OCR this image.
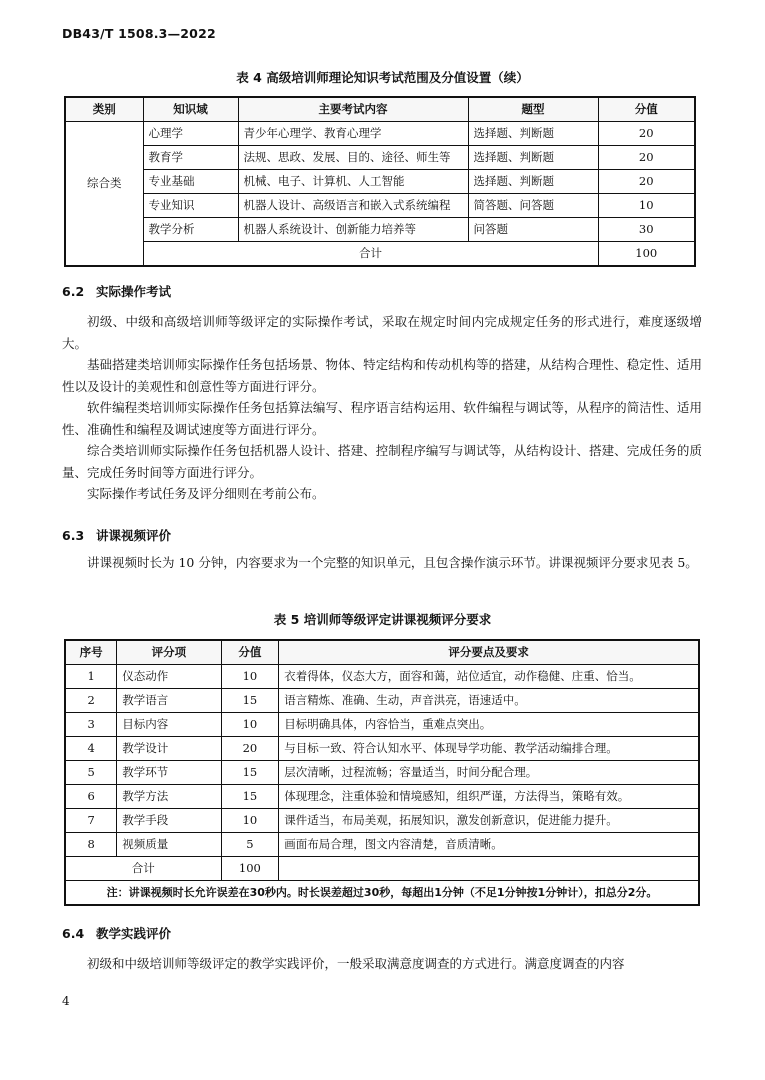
DB43/T 1508.3—2022
表 4 高级培训师理论知识考试范围及分值设置（续）
类别	知识域	主要考试内容	题型	分值
综合类	心理学	青少年心理学、教育心理学	选择题、判断题	20
	教育学	法规、思政、发展、目的、途径、师生等	选择题、判断题	20
	专业基础	机械、电子、计算机、人工智能	选择题、判断题	20
	专业知识	机器人设计、高级语言和嵌入式系统编程	简答题、问答题	10
	教学分析	机器人系统设计、创新能力培养等	问答题	30
	合计			100
6.2 实际操作考试

初级、中级和高级培训师等级评定的实际操作考试，采取在规定时间内完成规定任务的形式进行，难度逐级增大。

基础搭建类培训师实际操作任务包括场景、物体、特定结构和传动机构等的搭建，从结构合理性、稳定性、适用性以及设计的美观性和创意性等方面进行评分。

软件编程类培训师实际操作任务包括算法编写、程序语言结构运用、软件编程与调试等，从程序的简洁性、适用性、准确性和编程及调试速度等方面进行评分。

综合类培训师实际操作任务包括机器人设计、搭建、控制程序编写与调试等，从结构设计、搭建、完成任务的质量、完成任务时间等方面进行评分。

实际操作考试任务及评分细则在考前公布。

6.3 讲课视频评价

讲课视频时长为 10 分钟，内容要求为一个完整的知识单元，且包含操作演示环节。讲课视频评分要求见表 5。

表 5 培训师等级评定讲课视频评分要求
序号	评分项	分值	评分要点及要求
1	仪态动作	10	衣着得体，仪态大方，面容和蔼，站位适宜，动作稳健、庄重、恰当。
2	教学语言	15	语言精炼、准确、生动，声音洪亮，语速适中。
3	目标内容	10	目标明确具体，内容恰当，重难点突出。
4	教学设计	20	与目标一致、符合认知水平、体现导学功能、教学活动编排合理。
5	教学环节	15	层次清晰，过程流畅；容量适当，时间分配合理。
6	教学方法	15	体现理念，注重体验和情境感知，组织严谨，方法得当，策略有效。
7	教学手段	10	课件适当，布局美观，拓展知识，激发创新意识，促进能力提升。
8	视频质量	5	画面布局合理，图文内容清楚，音质清晰。
合计		100	
注：讲课视频时长允许误差在30秒内。时长误差超过30秒，每超出1分钟（不足1分钟按1分钟计），扣总分2分。			
6.4 教学实践评价

初级和中级培训师等级评定的教学实践评价，一般采取满意度调查的方式进行。满意度调查的内容

4
